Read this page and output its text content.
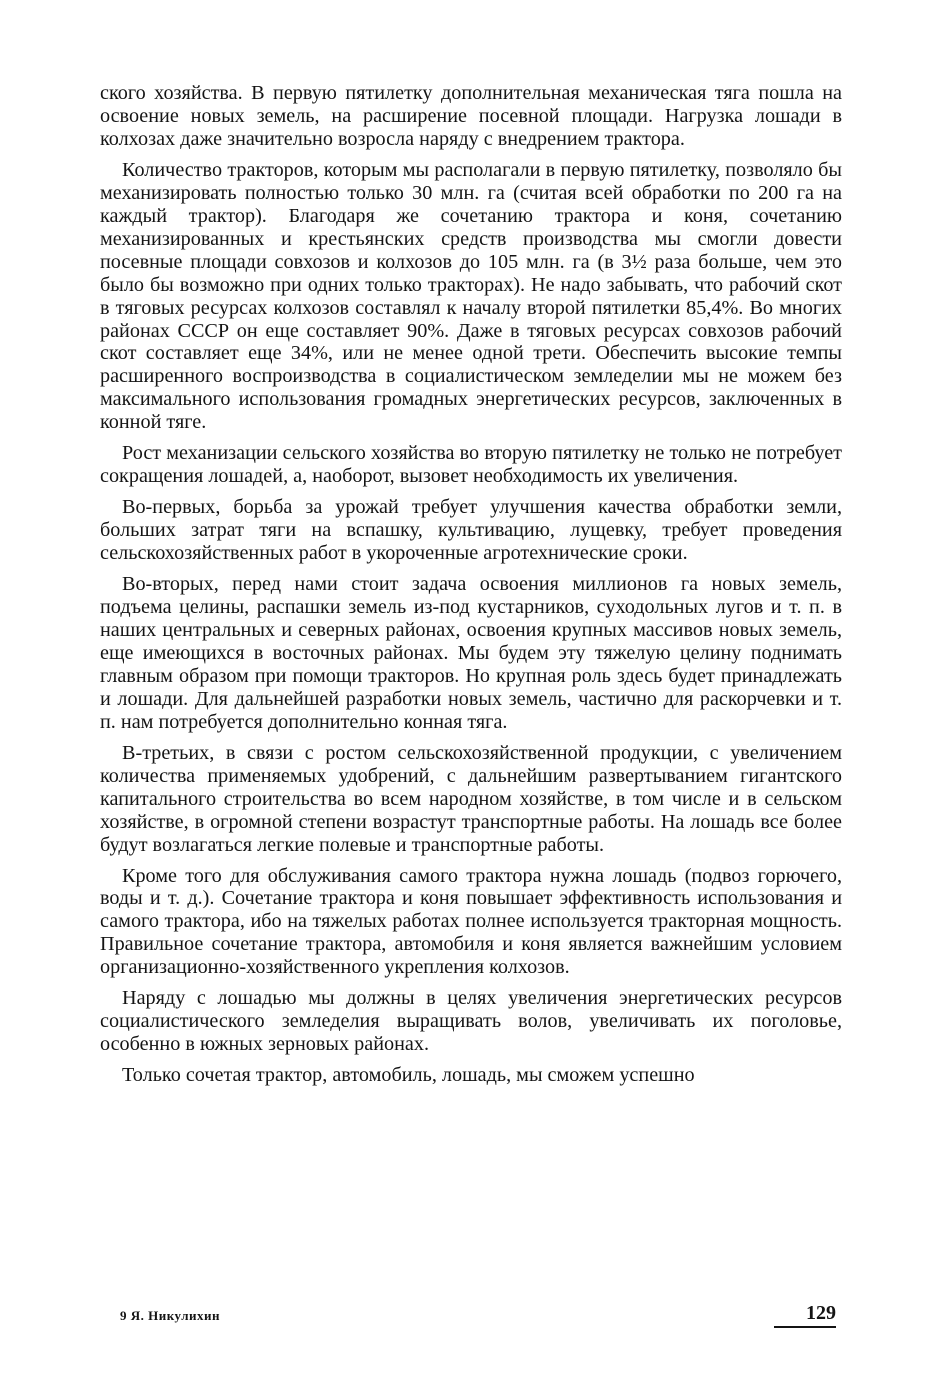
ского хозяйства. В первую пятилетку дополнительная механическая тяга пошла на освоение новых земель, на расширение посевной площади. Нагрузка лошади в колхозах даже значительно возросла наряду с внедрением трактора.

Количество тракторов, которым мы располагали в первую пятилетку, позволяло бы механизировать полностью только 30 млн. га (считая всей обработки по 200 га на каждый трактор). Благодаря же сочетанию трактора и коня, сочетанию механизированных и крестьянских средств производства мы смогли довести посевные площади совхозов и колхозов до 105 млн. га (в 3½ раза больше, чем это было бы возможно при одних только тракторах). Не надо забывать, что рабочий скот в тяговых ресурсах колхозов составлял к началу второй пятилетки 85,4%. Во многих районах СССР он еще составляет 90%. Даже в тяговых ресурсах совхозов рабочий скот составляет еще 34%, или не менее одной трети. Обеспечить высокие темпы расширенного воспроизводства в социалистическом земледелии мы не можем без максимального использования громадных энергетических ресурсов, заключенных в конной тяге.

Рост механизации сельского хозяйства во вторую пятилетку не только не потребует сокращения лошадей, а, наоборот, вызовет необходимость их увеличения.

Во-первых, борьба за урожай требует улучшения качества обработки земли, больших затрат тяги на вспашку, культивацию, лущевку, требует проведения сельскохозяйственных работ в укороченные агротехнические сроки.

Во-вторых, перед нами стоит задача освоения миллионов га новых земель, подъема целины, распашки земель из-под кустарников, суходольных лугов и т. п. в наших центральных и северных районах, освоения крупных массивов новых земель, еще имеющихся в восточных районах. Мы будем эту тяжелую целину поднимать главным образом при помощи тракторов. Но крупная роль здесь будет принадлежать и лошади. Для дальнейшей разработки новых земель, частично для раскорчевки и т. п. нам потребуется дополнительно конная тяга.

В-третьих, в связи с ростом сельскохозяйственной продукции, с увеличением количества применяемых удобрений, с дальнейшим развертыванием гигантского капитального строительства во всем народном хозяйстве, в том числе и в сельском хозяйстве, в огромной степени возрастут транспортные работы. На лошадь все более будут возлагаться легкие полевые и транспортные работы.

Кроме того для обслуживания самого трактора нужна лошадь (подвоз горючего, воды и т. д.). Сочетание трактора и коня повышает эффективность использования и самого трактора, ибо на тяжелых работах полнее используется тракторная мощность. Правильное сочетание трактора, автомобиля и коня является важнейшим условием организационно-хозяйственного укрепления колхозов.

Наряду с лошадью мы должны в целях увеличения энергетических ресурсов социалистического земледелия выращивать волов, увеличивать их поголовье, особенно в южных зерновых районах.

Только сочетая трактор, автомобиль, лошадь, мы сможем успешно

9 Я. Никулихин	129
